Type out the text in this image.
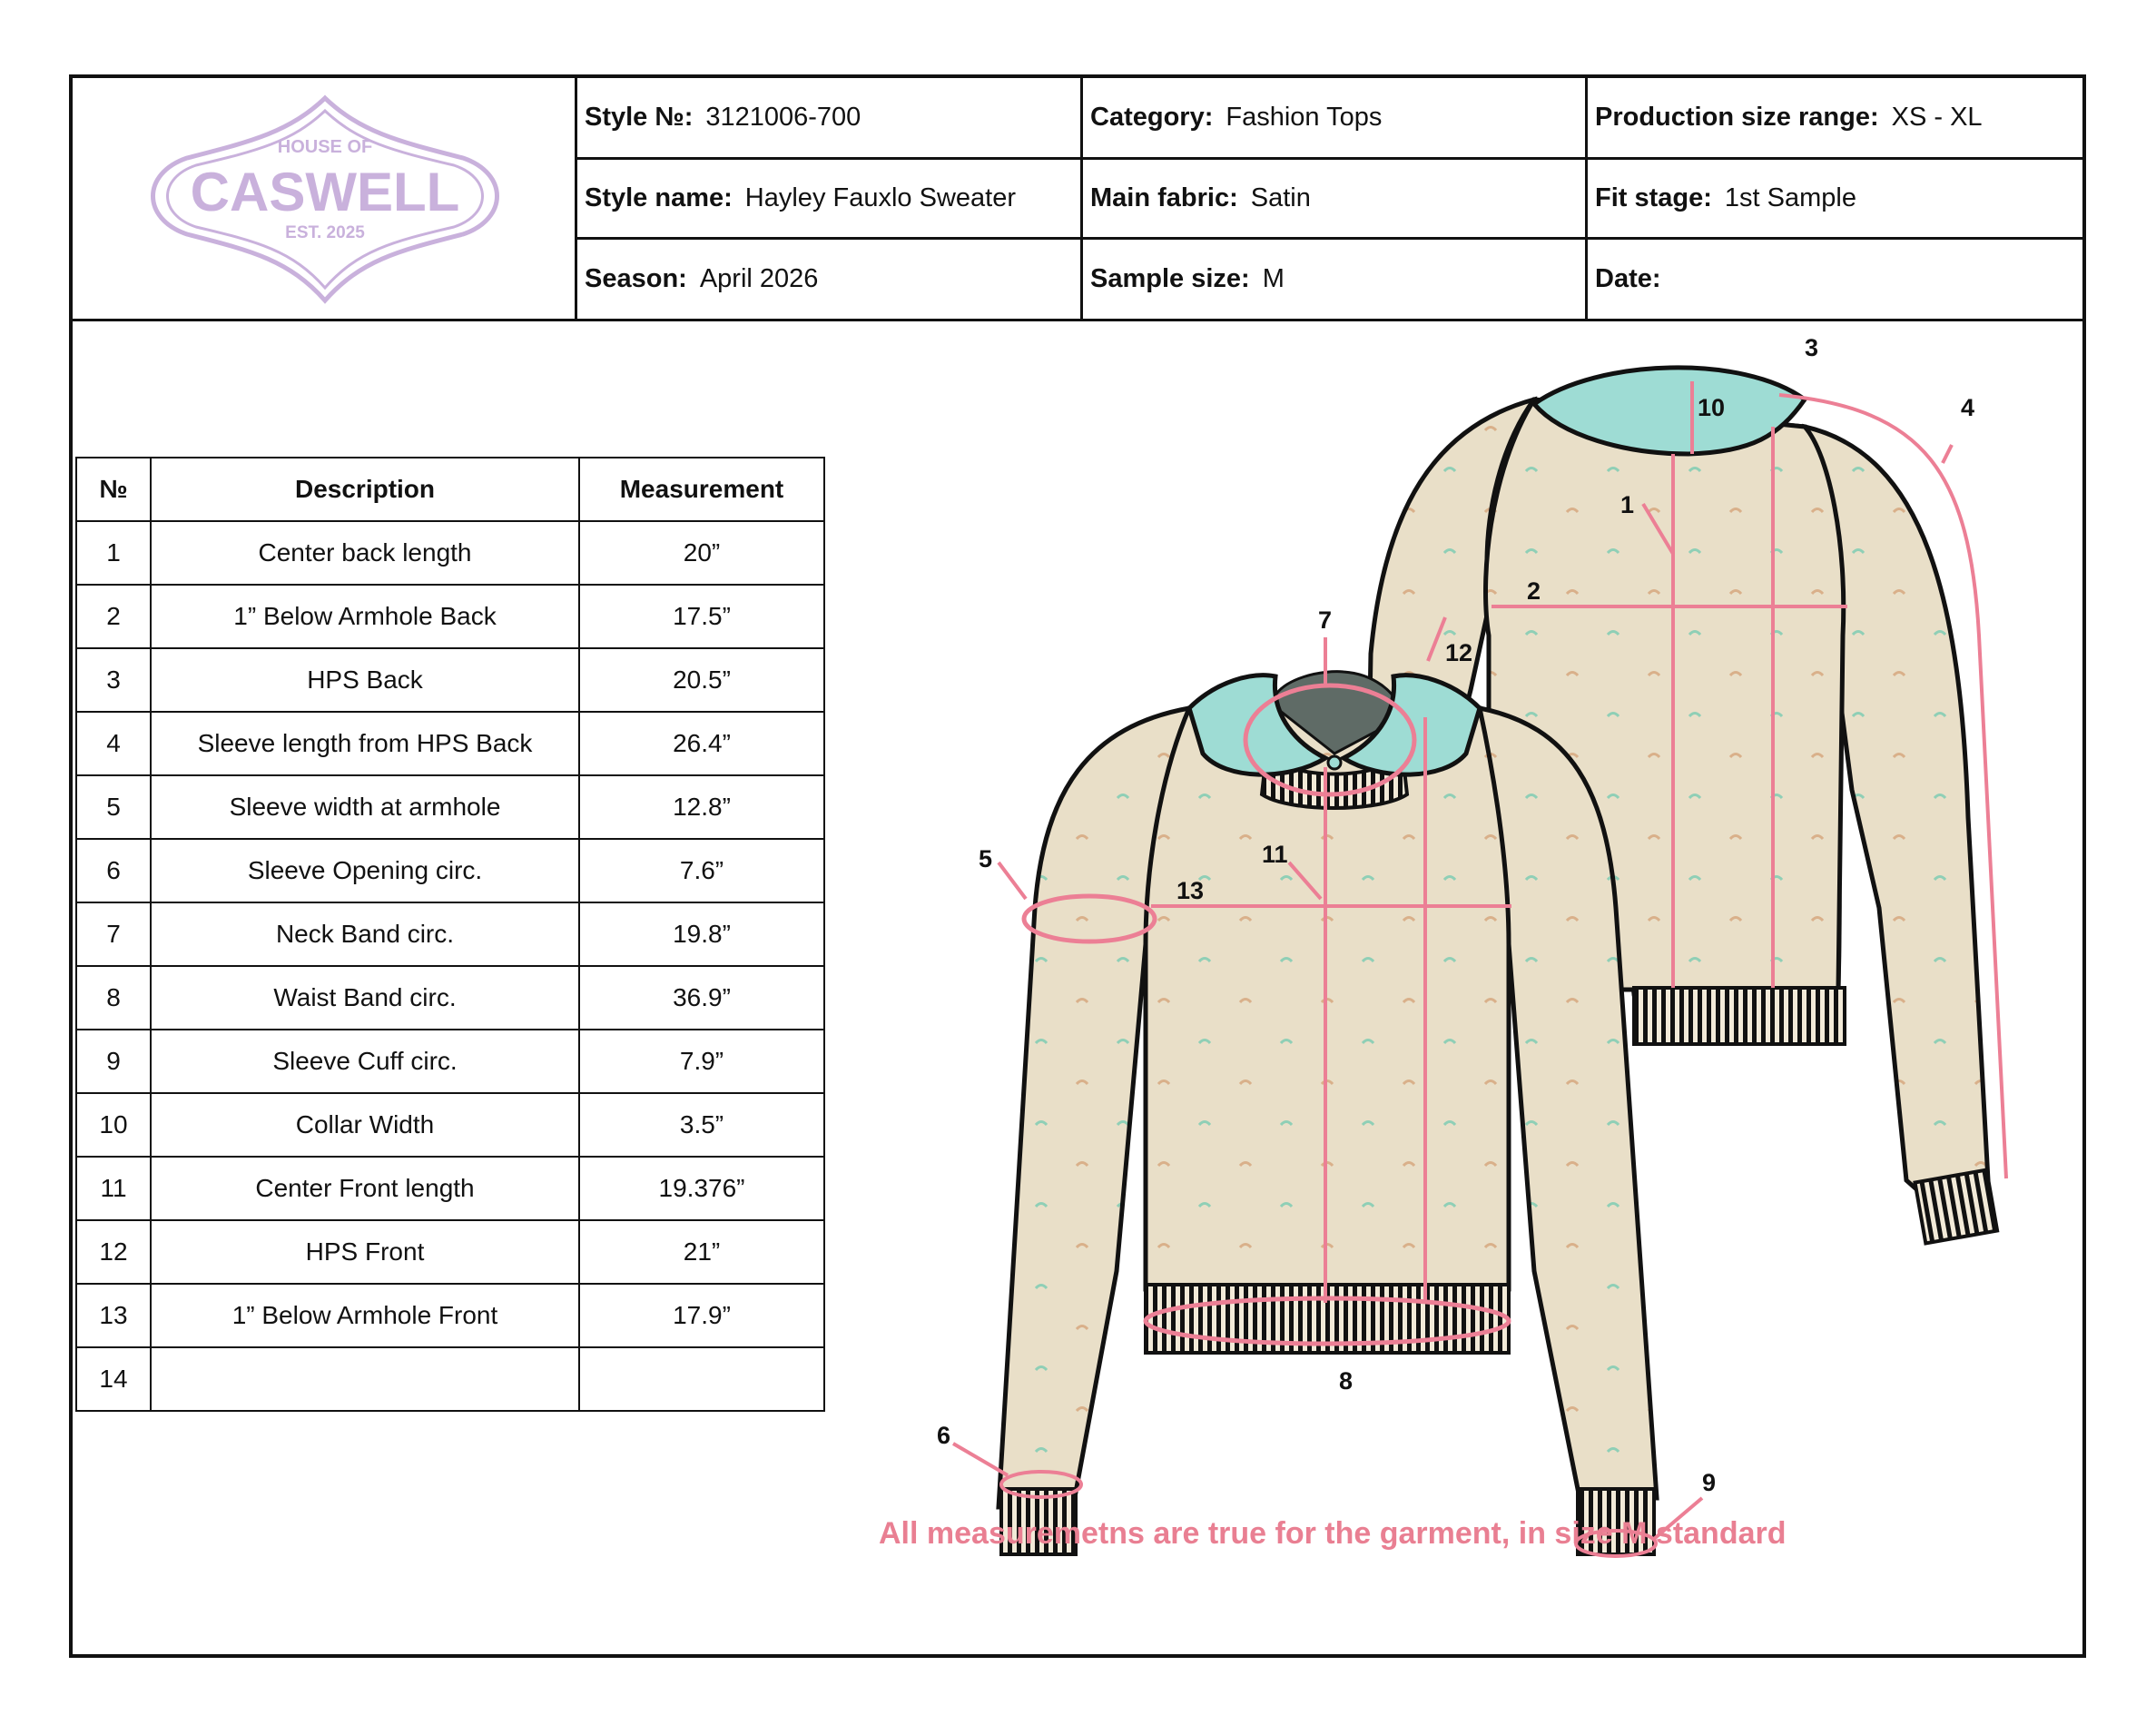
HOUSE OF
CASWELL
EST. 2025
Style №: 3121006-700	Category: Fashion Tops	Production size range: XS - XL
Style name: Hayley Fauxlo Sweater	Main fabric: Satin	Fit stage: 1st Sample
Season: April 2026	Sample size: M	Date:
№	Description	Measurement
1	Center back length	20”
2	1” Below Armhole Back	17.5”
3	HPS Back	20.5”
4	Sleeve length from HPS Back	26.4”
5	Sleeve width at armhole	12.8”
6	Sleeve Opening circ.	7.6”
7	Neck Band circ.	19.8”
8	Waist Band circ.	36.9”
9	Sleeve Cuff circ.	7.9”
10	Collar Width	3.5”
11	Center Front length	19.376”
12	HPS Front	21”
13	1” Below Armhole Front	17.9”
14		
1
2
3
4
5
6
7
8
9
10
11
12
13
All measuremetns are true for the garment, in size M standard
